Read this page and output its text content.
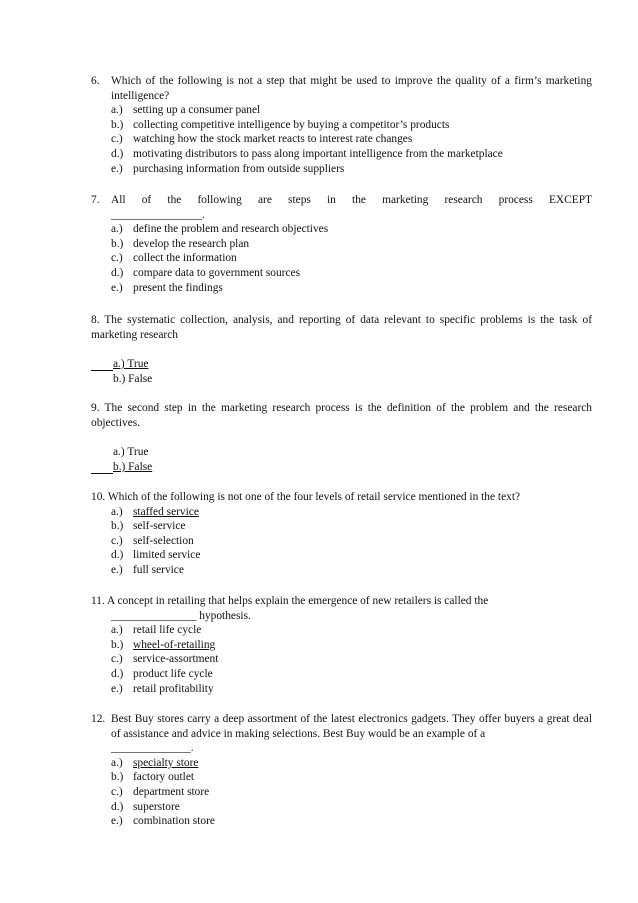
6.	Which of the following is not a step that might be used to improve the quality of a firm’s marketing intelligence?
a.) setting up a consumer panel
b.) collecting competitive intelligence by buying a competitor’s products
c.) watching how the stock market reacts to interest rate changes
d.) motivating distributors to pass along important intelligence from the marketplace
e.) purchasing information from outside suppliers
7.	All of the following are steps in the marketing research process EXCEPT
________________.
a.) define the problem and research objectives
b.) develop the research plan
c.) collect the information
d.) compare data to government sources
e.) present the findings
8. The systematic collection, analysis, and reporting of data relevant to specific problems is the task of marketing research
a.) True
b.) False
9. The second step in the marketing research process is the definition of the problem and the research objectives.
a.) True
b.) False
10. Which of the following is not one of the four levels of retail service mentioned in the text?
a.) staffed service
b.) self-service
c.) self-selection
d.) limited service
e.) full service
11. A concept in retailing that helps explain the emergence of new retailers is called the
_______________ hypothesis.
a.) retail life cycle
b.) wheel-of-retailing
c.) service-assortment
d.) product life cycle
e.) retail profitability
12. Best Buy stores carry a deep assortment of the latest electronics gadgets. They offer buyers a great deal of assistance and advice in making selections. Best Buy would be an example of a
______________.
a.) specialty store
b.) factory outlet
c.) department store
d.) superstore
e.) combination store
